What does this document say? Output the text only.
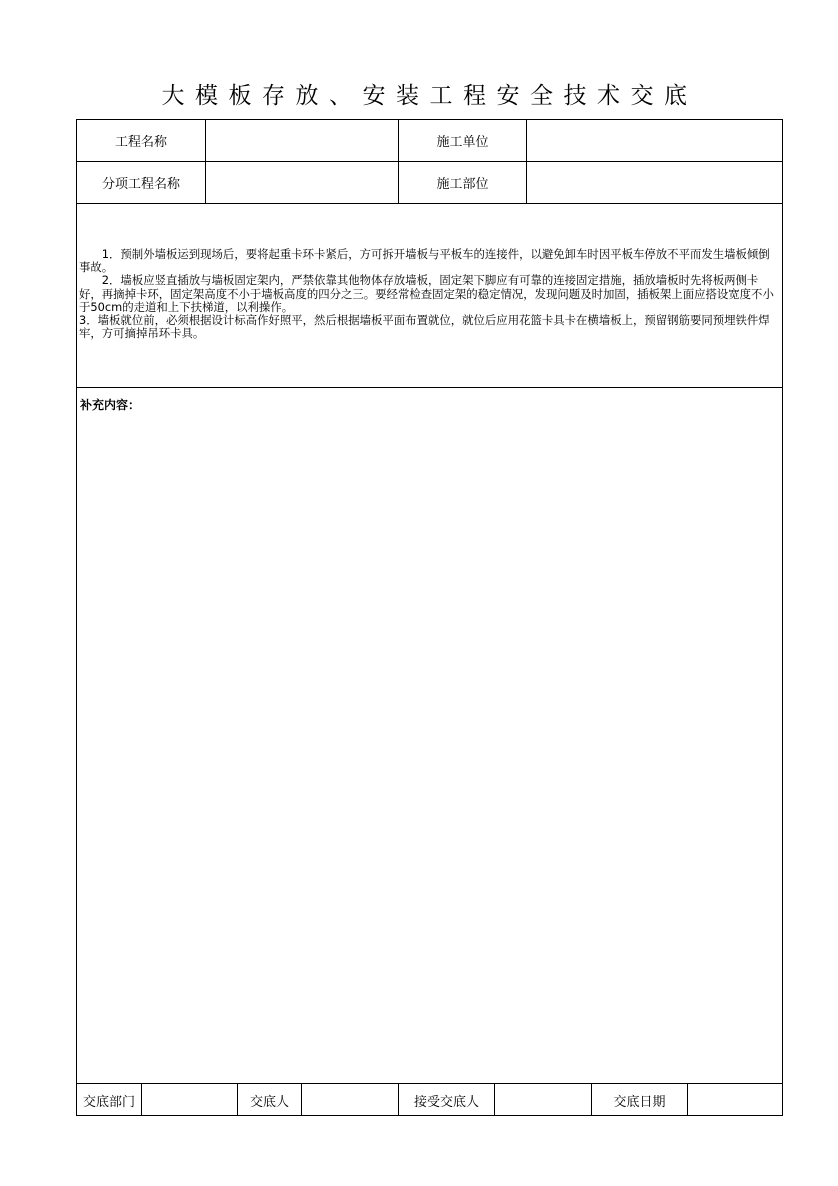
大模板存放、安装工程安全技术交底
工程名称	施工单位
分项工程名称	施工部位

　　1．预制外墙板运到现场后，要将起重卡环卡紧后，方可拆开墙板与平板车的连接件，以避免卸车时因平板车停放不平而发生墙板倾倒事故。

　　2．墙板应竖直插放与墙板固定架内，严禁依靠其他物体存放墙板，固定架下脚应有可靠的连接固定措施，插放墙板时先将板两侧卡好，再摘掉卡环，固定架高度不小于墙板高度的四分之三。要经常检查固定架的稳定情况，发现问题及时加固，插板架上面应搭设宽度不小于50cm的走道和上下扶梯道，以利操作。

3．墙板就位前，必须根据设计标高作好照平，然后根据墙板平面布置就位，就位后应用花篮卡具卡在横墙板上，预留钢筋要同预埋铁件焊牢，方可摘掉吊环卡具。

补充内容：
交底部门	交底人	接受交底人	交底日期
